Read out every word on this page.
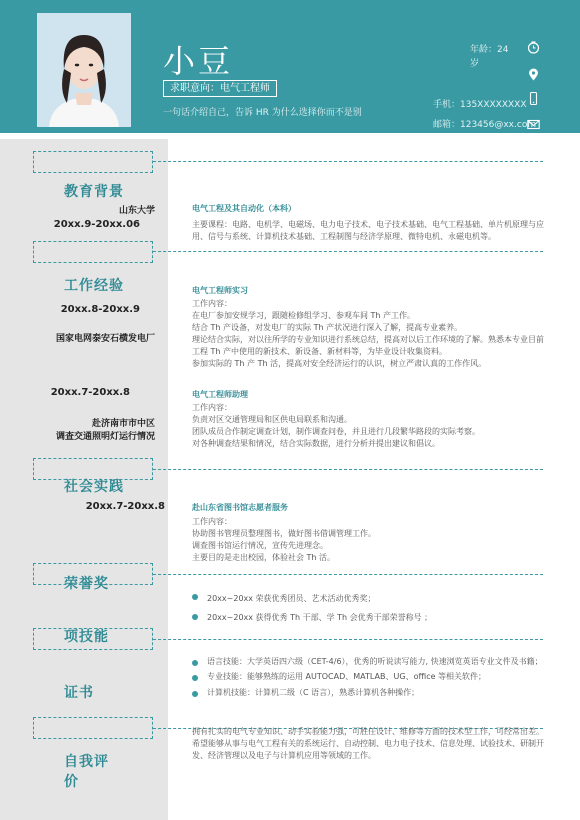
小豆
求职意向：电气工程师
一句话介绍自己，告诉 HR 为什么选择你而不是别
年龄：24 岁
手机：135XXXXXXXX
邮箱：123456@xx.com
教育背景
山东大学
20xx.9-20xx.06
电气工程及其自动化（本科）
主要课程：电路、电机学、电磁场、电力电子技术、电子技术基础、电气工程基础、单片机原理与应用、信号与系统、计算机技术基础、工程制图与经济学原理、微特电机、永磁电机等。
工作经验
20xx.8-20xx.9
国家电网泰安石横发电厂
电气工程师实习
工作内容：
在电厂参加安规学习，跟随检修组学习、参观车间 Th 产工作。
结合 Th 产设备，对发电厂的实际 Th 产状况进行深入了解，提高专业素养。
理论结合实际，对以往所学的专业知识进行系统总结，提高对以后工作环境的了解。熟悉本专业目前工程 Th 产中使用的新技术、新设备、新材料等，为毕业设计收集资料。
参加实际的 Th 产 Th 活，提高对安全经济运行的认识，树立严肃认真的工作作风。
20xx.7-20xx.8
赴济南市市中区
调查交通照明灯运行情况
电气工程师助理
工作内容：
负责对区交通管理局和区供电局联系和沟通。
团队成员合作制定调查计划，制作调查问卷，并且进行几段繁华路段的实际考察。
对各种调查结果和情况，结合实际数据，进行分析并提出建议和倡议。
社会实践
20xx.7-20xx.8	赴山东省图书馆志愿者服务
工作内容：
协助图书管理员整理图书，做好图书借调管理工作。
调查图书馆运行情况，宣传先进理念。
主要目的是走出校园，体验社会 Th 活。
荣誉奖
20xx~20xx 荣获优秀团员、艺术活动优秀奖；
20xx~20xx 获得优秀 Th 干部、学 Th 会优秀干部荣誉称号 ；
项技能
语言技能：大学英语四六级（CET-4/6），优秀的听说读写能力, 快速浏览英语专业文件及书籍；
专业技能：能够熟练的运用 AUTOCAD、MATLAB、UG、office 等相关软件；
计算机技能：计算机二级（C 语言），熟悉计算机各种操作；
证书
自我评价
拥有扎实的电气专业知识、动手实验能力强，可胜任设计、维修等方面的技术型工作，可经常出差。希望能够从事与电气工程有关的系统运行、自动控制、电力电子技术、信息处理、试验技术、研制开发、经济管理以及电子与计算机应用等领域的工作。
